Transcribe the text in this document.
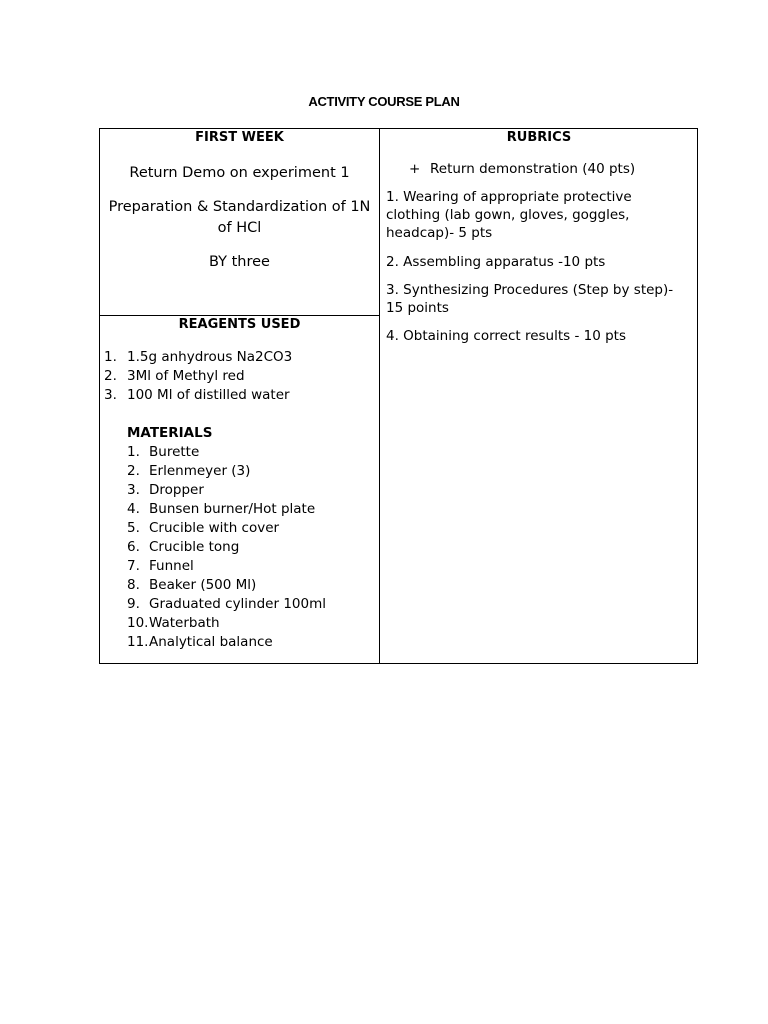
ACTIVITY COURSE PLAN
FIRST WEEK
Return Demo on experiment 1
Preparation & Standardization of 1N of HCl
BY three
REAGENTS USED
1. 1.5g anhydrous Na2CO3
2. 3Ml of Methyl red
3. 100 Ml of distilled water
MATERIALS
1. Burette
2. Erlenmeyer (3)
3. Dropper
4. Bunsen burner/Hot plate
5. Crucible with cover
6. Crucible tong
7. Funnel
8. Beaker (500 Ml)
9. Graduated cylinder 100ml
10. Waterbath
11. Analytical balance
RUBRICS
+ Return demonstration (40 pts)
1. Wearing of appropriate protective clothing (lab gown, gloves, goggles, headcap)- 5 pts
2. Assembling apparatus -10 pts
3. Synthesizing Procedures (Step by step)- 15 points
4. Obtaining correct results - 10 pts
